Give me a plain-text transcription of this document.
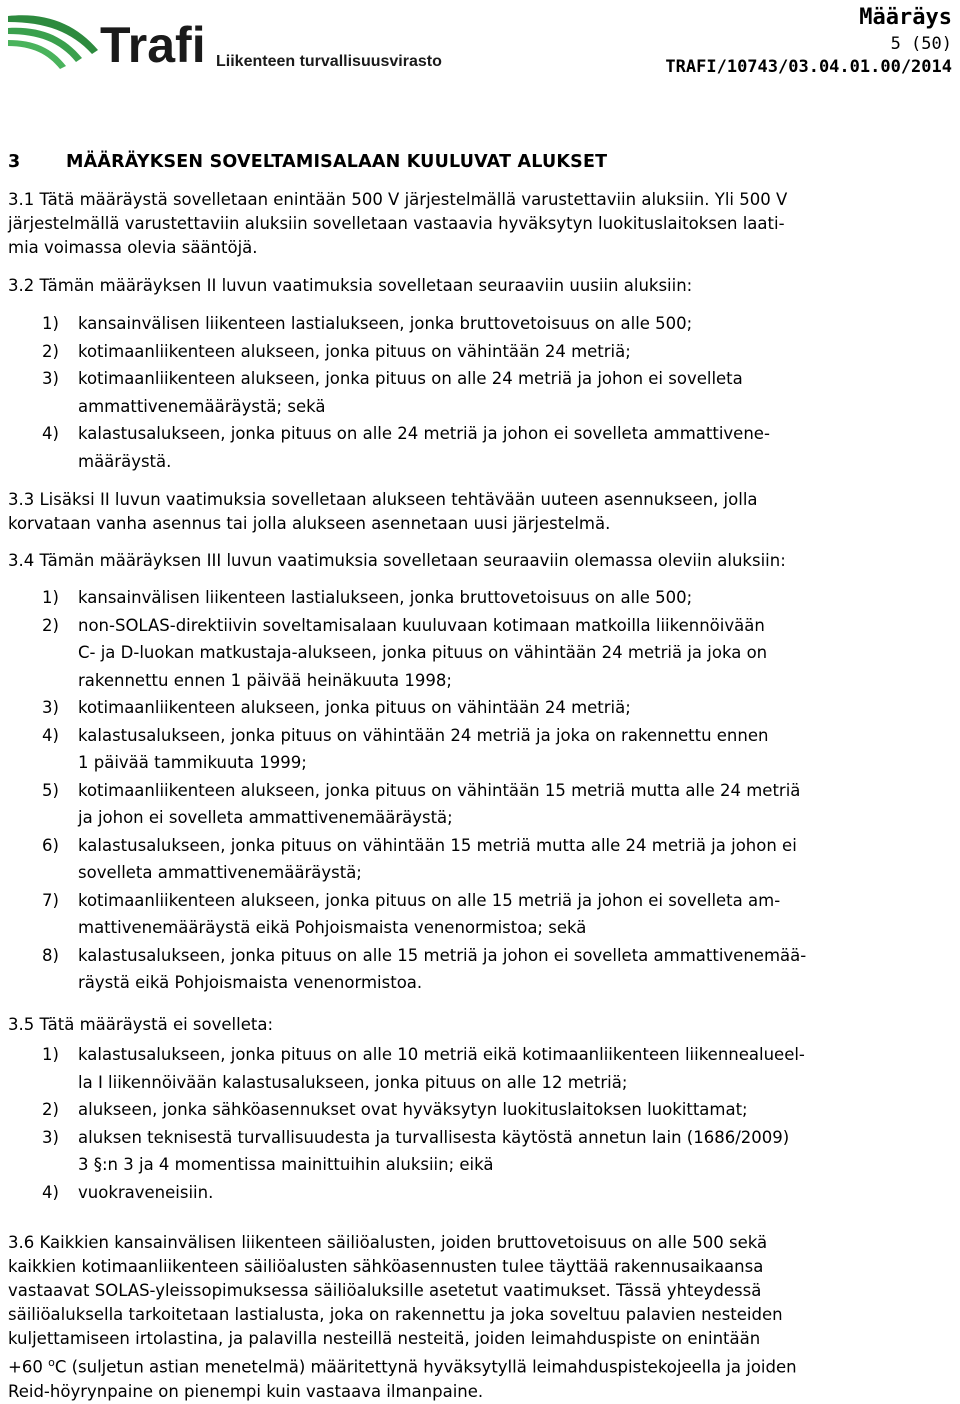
Trafi Liikenteen turvallisuusvirasto
Määräys
5 (50)
TRAFI/10743/03.04.01.00/2014
3	MÄÄRÄYKSEN SOVELTAMISALAAN KUULUVAT ALUKSET
3.1 Tätä määräystä sovelletaan enintään 500 V järjestelmällä varustettaviin aluksiin. Yli 500 V
järjestelmällä varustettaviin aluksiin sovelletaan vastaavia hyväksytyn luokituslaitoksen laati-
mia voimassa olevia sääntöjä.
3.2 Tämän määräyksen II luvun vaatimuksia sovelletaan seuraaviin uusiin aluksiin:
1) kansainvälisen liikenteen lastialukseen, jonka bruttovetoisuus on alle 500;
2) kotimaanliikenteen alukseen, jonka pituus on vähintään 24 metriä;
3) kotimaanliikenteen alukseen, jonka pituus on alle 24 metriä ja johon ei sovelleta
ammattivenemääräystä; sekä
4) kalastusalukseen, jonka pituus on alle 24 metriä ja johon ei sovelleta ammattivene-
määräystä.
3.3 Lisäksi II luvun vaatimuksia sovelletaan alukseen tehtävään uuteen asennukseen, jolla
korvataan vanha asennus tai jolla alukseen asennetaan uusi järjestelmä.
3.4 Tämän määräyksen III luvun vaatimuksia sovelletaan seuraaviin olemassa oleviin aluksiin:
1) kansainvälisen liikenteen lastialukseen, jonka bruttovetoisuus on alle 500;
2) non-SOLAS-direktiivin soveltamisalaan kuuluvaan kotimaan matkoilla liikennöivään
C- ja D-luokan matkustaja-alukseen, jonka pituus on vähintään 24 metriä ja joka on
rakennettu ennen 1 päivää heinäkuuta 1998;
3) kotimaanliikenteen alukseen, jonka pituus on vähintään 24 metriä;
4) kalastusalukseen, jonka pituus on vähintään 24 metriä ja joka on rakennettu ennen
1 päivää tammikuuta 1999;
5) kotimaanliikenteen alukseen, jonka pituus on vähintään 15 metriä mutta alle 24 metriä
ja johon ei sovelleta ammattivenemääräystä;
6) kalastusalukseen, jonka pituus on vähintään 15 metriä mutta alle 24 metriä ja johon ei
sovelleta ammattivenemääräystä;
7) kotimaanliikenteen alukseen, jonka pituus on alle 15 metriä ja johon ei sovelleta am-
mattivenemääräystä eikä Pohjoismaista venenormistoa; sekä
8) kalastusalukseen, jonka pituus on alle 15 metriä ja johon ei sovelleta ammattivenemää-
räystä eikä Pohjoismaista venenormistoa.
3.5 Tätä määräystä ei sovelleta:
1) kalastusalukseen, jonka pituus on alle 10 metriä eikä kotimaanliikenteen liikennealueel-
la I liikennöivään kalastusalukseen, jonka pituus on alle 12 metriä;
2) alukseen, jonka sähköasennukset ovat hyväksytyn luokituslaitoksen luokittamat;
3) aluksen teknisestä turvallisuudesta ja turvallisesta käytöstä annetun lain (1686/2009)
3 §:n 3 ja 4 momentissa mainittuihin aluksiin; eikä
4) vuokraveneisiin.
3.6 Kaikkien kansainvälisen liikenteen säiliöalusten, joiden bruttovetoisuus on alle 500 sekä
kaikkien kotimaanliikenteen säiliöalusten sähköasennusten tulee täyttää rakennusaikaansa
vastaavat SOLAS-yleissopimuksessa säiliöaluksille asetetut vaatimukset. Tässä yhteydessä
säiliöaluksella tarkoitetaan lastialusta, joka on rakennettu ja joka soveltuu palavien nesteiden
kuljettamiseen irtolastina, ja palavilla nesteillä nesteitä, joiden leimahduspiste on enintään
+60 $^o$C (suljetun astian menetelmä) määritettynä hyväksytyllä leimahduspistekojeella ja joiden
Reid-höyrynpaine on pienempi kuin vastaava ilmanpaine.
